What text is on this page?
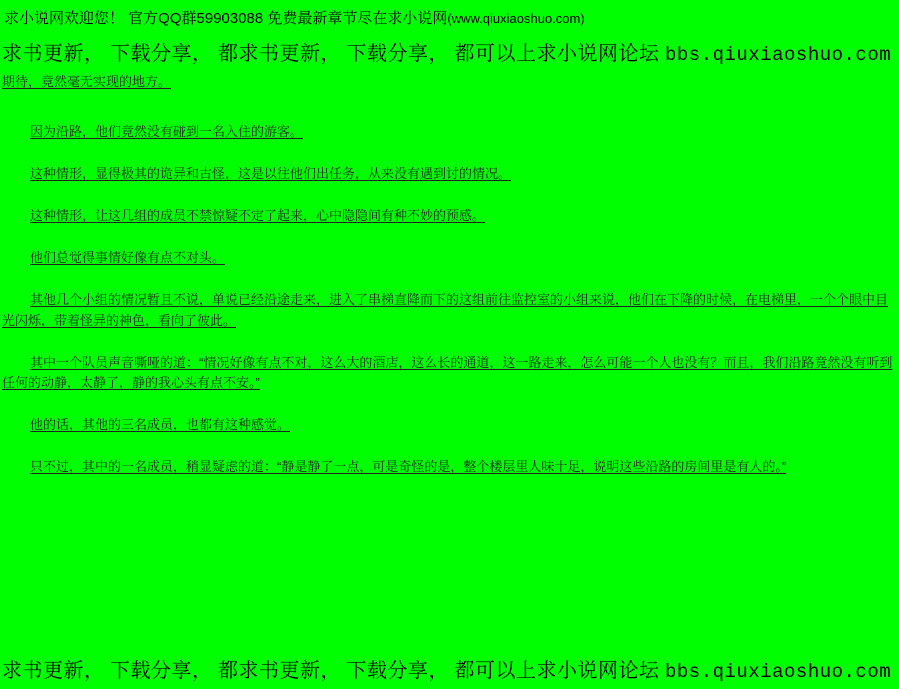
求小说网欢迎您！ 官方QQ群59903088 免费最新章节尽在求小说网(www.qiuxiaoshuo.com)
求书更新， 下载分享， 都求书更新， 下载分享， 都可以上求小说网论坛 bbs.qiuxiaoshuo.com

期待，竟然毫无实现的地方。

因为沿路，他们竟然没有碰到一名入住的游客。

这种情形，显得极其的诡异和古怪，这是以往他们出任务，从来没有遇到讨的情况。

这种情形，让这几组的成员不禁惊疑不定了起来，心中隐隐间有种不妙的预感。

他们总觉得事情好像有点不对头。

其他几个小组的情况暂且不说，单说已经沿途走来，进入了串梯直降而下的这组前往监控室的小组来说，他们在下降的时候，在电梯里，一个个眼中目光闪烁，带着怪异的神色，看向了彼此。

其中一个队员声音嘶哑的道：“情况好像有点不对，这么大的酒店，这么长的通道，这一路走来，怎么可能一个人也没有？而且，我们沿路竟然没有听到任何的动静，太静了，静的我心头有点不安。”

他的话，其他的三名成员，也都有这种感觉。

只不过，其中的一名成员，稍显疑虑的道：“静是静了一点，可是奇怪的是，整个楼层里人味十足，说明这些沿路的房间里是有人的。”

求书更新， 下载分享， 都求书更新， 下载分享， 都可以上求小说网论坛 bbs.qiuxiaoshuo.com
